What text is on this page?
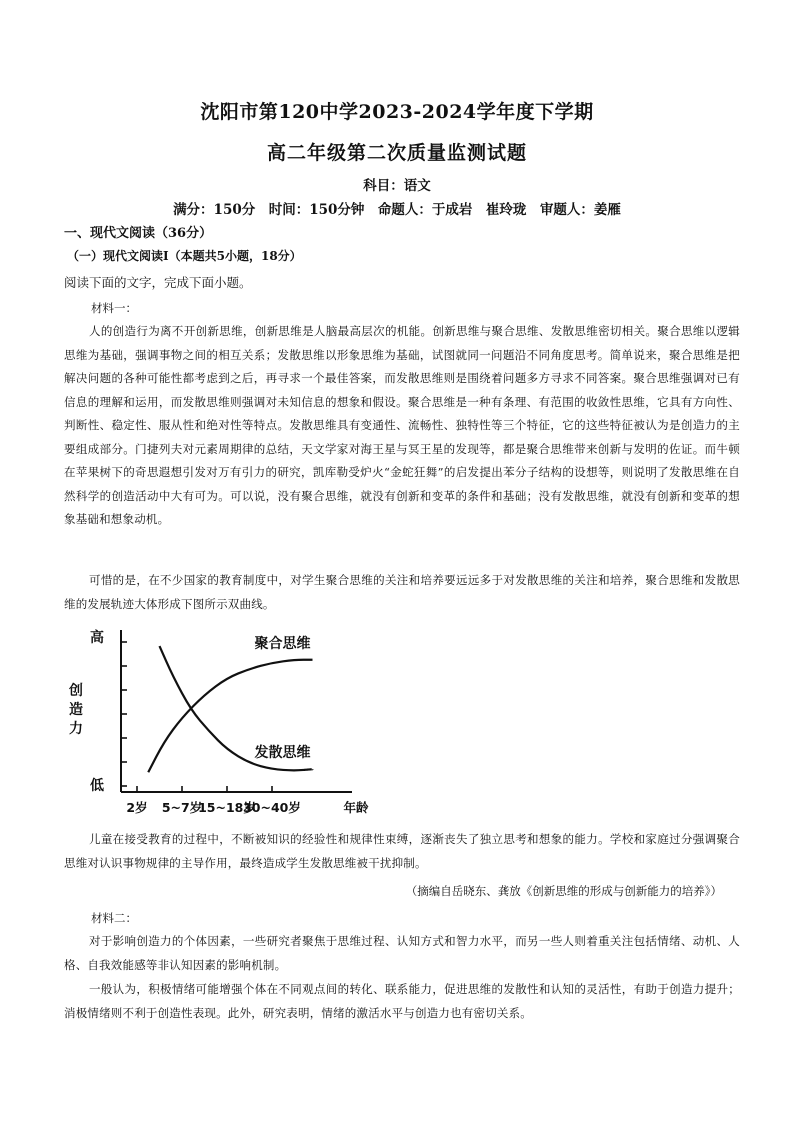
沈阳市第120中学2023-2024学年度下学期
高二年级第二次质量监测试题
科目：语文
满分：150分　时间：150分钟　命题人：于成岩　崔玲珑　审题人：姜雁
一、现代文阅读（36分）
（一）现代文阅读Ⅰ（本题共5小题，18分）
阅读下面的文字，完成下面小题。
材料一：
人的创造行为离不开创新思维，创新思维是人脑最高层次的机能。创新思维与聚合思维、发散思维密切相关。聚合思维以逻辑思维为基础，强调事物之间的相互关系；发散思维以形象思维为基础，试图就同一问题沿不同角度思考。简单说来，聚合思维是把解决问题的各种可能性都考虑到之后，再寻求一个最佳答案，而发散思维则是围绕着问题多方寻求不同答案。聚合思维强调对已有信息的理解和运用，而发散思维则强调对未知信息的想象和假设。聚合思维是一种有条理、有范围的收敛性思维，它具有方向性、判断性、稳定性、服从性和绝对性等特点。发散思维具有变通性、流畅性、独特性等三个特征，它的这些特征被认为是创造力的主要组成部分。门捷列夫对元素周期律的总结，天文学家对海王星与冥王星的发现等，都是聚合思维带来创新与发明的佐证。而牛顿在苹果树下的奇思遐想引发对万有引力的研究，凯库勒受炉火“金蛇狂舞”的启发提出苯分子结构的设想等，则说明了发散思维在自然科学的创造活动中大有可为。可以说，没有聚合思维，就没有创新和变革的条件和基础；没有发散思维，就没有创新和变革的想象基础和想象动机。
可惜的是，在不少国家的教育制度中，对学生聚合思维的关注和培养要远远多于对发散思维的关注和培养，聚合思维和发散思维的发展轨迹大体形成下图所示双曲线。
2岁 5~7岁
15~18岁
30~40岁	年龄
高
低
创
造
力
聚合思维
发散思维
儿童在接受教育的过程中，不断被知识的经验性和规律性束缚，逐渐丧失了独立思考和想象的能力。学校和家庭过分强调聚合思维对认识事物规律的主导作用，最终造成学生发散思维被干扰抑制。
（摘编自岳晓东、龚放《创新思维的形成与创新能力的培养》）
材料二：
对于影响创造力的个体因素，一些研究者聚焦于思维过程、认知方式和智力水平，而另一些人则着重关注包括情绪、动机、人格、自我效能感等非认知因素的影响机制。
一般认为，积极情绪可能增强个体在不同观点间的转化、联系能力，促进思维的发散性和认知的灵活性，有助于创造力提升；消极情绪则不利于创造性表现。此外，研究表明，情绪的激活水平与创造力也有密切关系。
